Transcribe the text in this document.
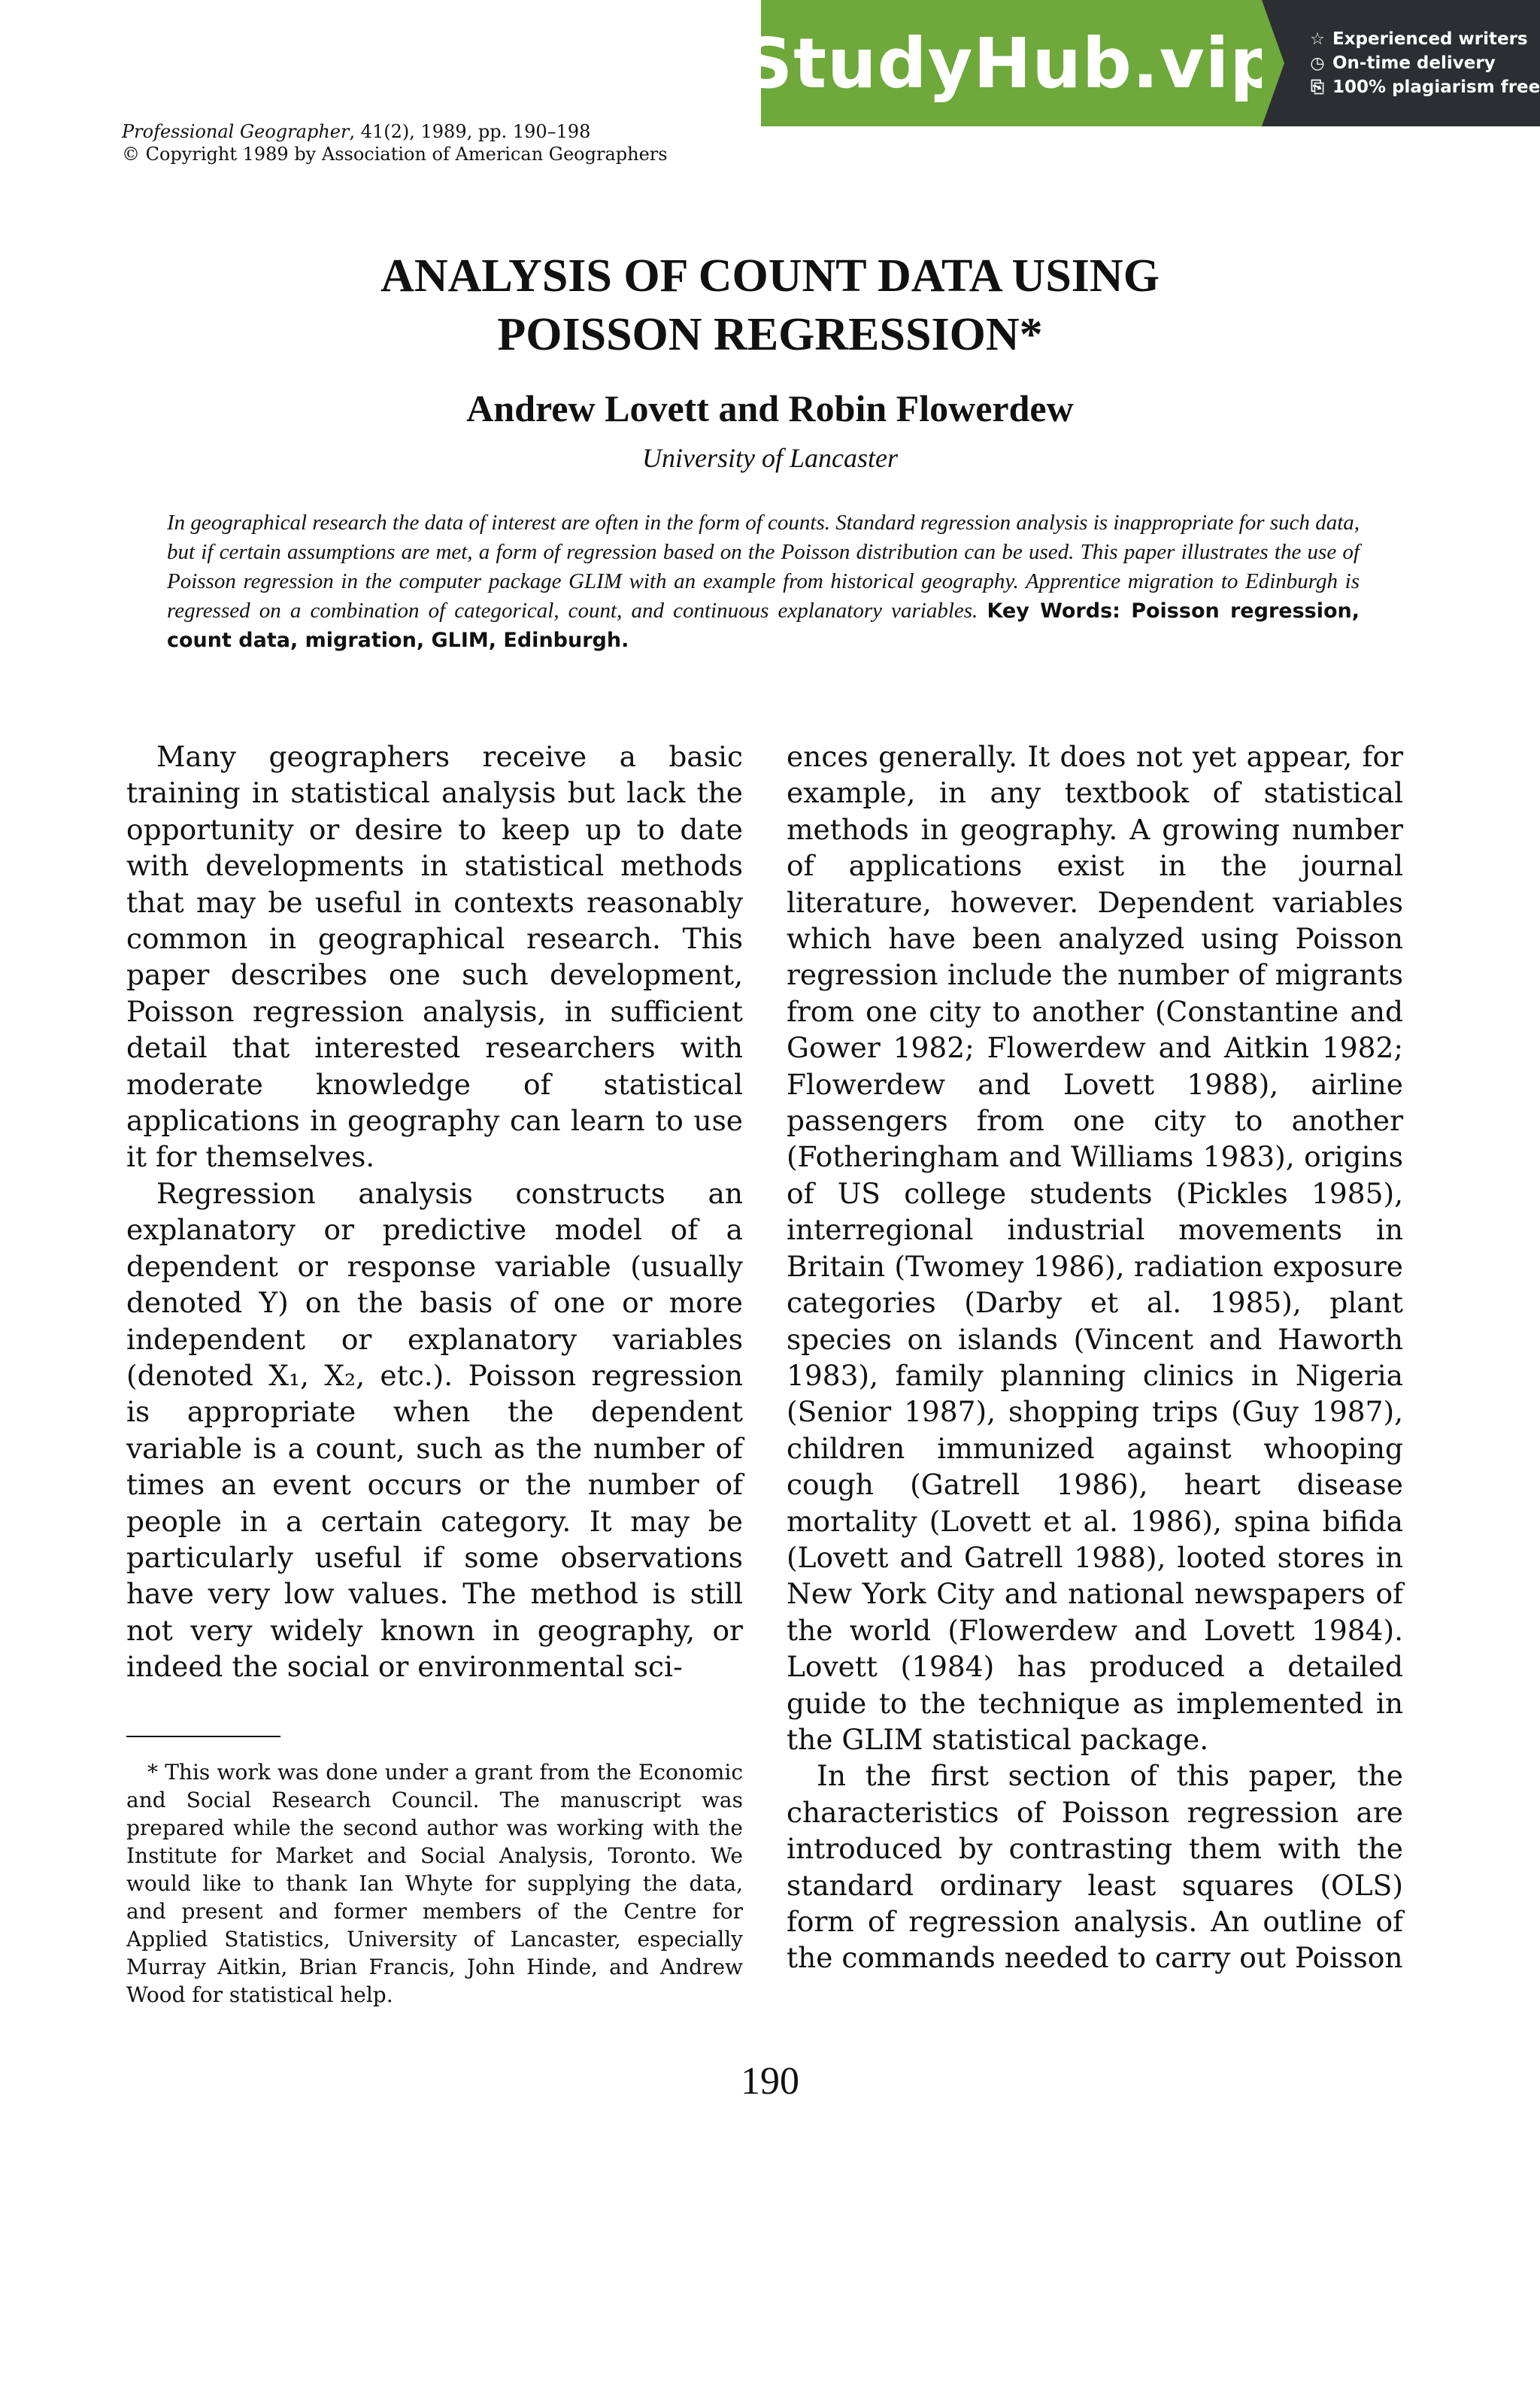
StudyHub.vip ☆ Experienced writers
◷ On-time delivery
⎘ 100% plagiarism free
Professional Geographer, 41(2), 1989, pp. 190–198
© Copyright 1989 by Association of American Geographers
ANALYSIS OF COUNT DATA USING
POISSON REGRESSION*
Andrew Lovett and Robin Flowerdew
University of Lancaster
In geographical research the data of interest are often in the form of counts. Standard regression analysis is inappropriate for such data, but if certain assumptions are met, a form of regression based on the Poisson distribution can be used. This paper illustrates the use of Poisson regression in the computer package GLIM with an example from historical geography. Apprentice migration to Edinburgh is regressed on a combination of categorical, count, and continuous explanatory variables. Key Words: Poisson regression, count data, migration, GLIM, Edinburgh.

Many geographers receive a basic training in statistical analysis but lack the opportunity or desire to keep up to date with developments in statistical methods that may be useful in contexts reasonably common in geographical research. This paper describes one such development, Poisson regression analysis, in sufficient detail that interested researchers with moderate knowledge of statistical applications in geography can learn to use it for themselves.

Regression analysis constructs an explanatory or predictive model of a dependent or response variable (usually denoted Y) on the basis of one or more independent or explanatory variables (denoted X₁, X₂, etc.). Poisson regression is appropriate when the dependent variable is a count, such as the number of times an event occurs or the number of people in a certain category. It may be particularly useful if some observations have very low values. The method is still not very widely known in geography, or indeed the social or environmental sci-

ences generally. It does not yet appear, for example, in any textbook of statistical methods in geography. A growing number of applications exist in the journal literature, however. Dependent variables which have been analyzed using Poisson regression include the number of migrants from one city to another (Constantine and Gower 1982; Flowerdew and Aitkin 1982; Flowerdew and Lovett 1988), airline passengers from one city to another (Fotheringham and Williams 1983), origins of US college students (Pickles 1985), interregional industrial movements in Britain (Twomey 1986), radiation exposure categories (Darby et al. 1985), plant species on islands (Vincent and Haworth 1983), family planning clinics in Nigeria (Senior 1987), shopping trips (Guy 1987), children immunized against whooping cough (Gatrell 1986), heart disease mortality (Lovett et al. 1986), spina bifida (Lovett and Gatrell 1988), looted stores in New York City and national newspapers of the world (Flowerdew and Lovett 1984). Lovett (1984) has produced a detailed guide to the technique as implemented in the GLIM statistical package.

In the first section of this paper, the characteristics of Poisson regression are introduced by contrasting them with the standard ordinary least squares (OLS) form of regression analysis. An outline of the commands needed to carry out Poisson

* This work was done under a grant from the Economic and Social Research Council. The manuscript was prepared while the second author was working with the Institute for Market and Social Analysis, Toronto. We would like to thank Ian Whyte for supplying the data, and present and former members of the Centre for Applied Statistics, University of Lancaster, especially Murray Aitkin, Brian Francis, John Hinde, and Andrew Wood for statistical help.

190
